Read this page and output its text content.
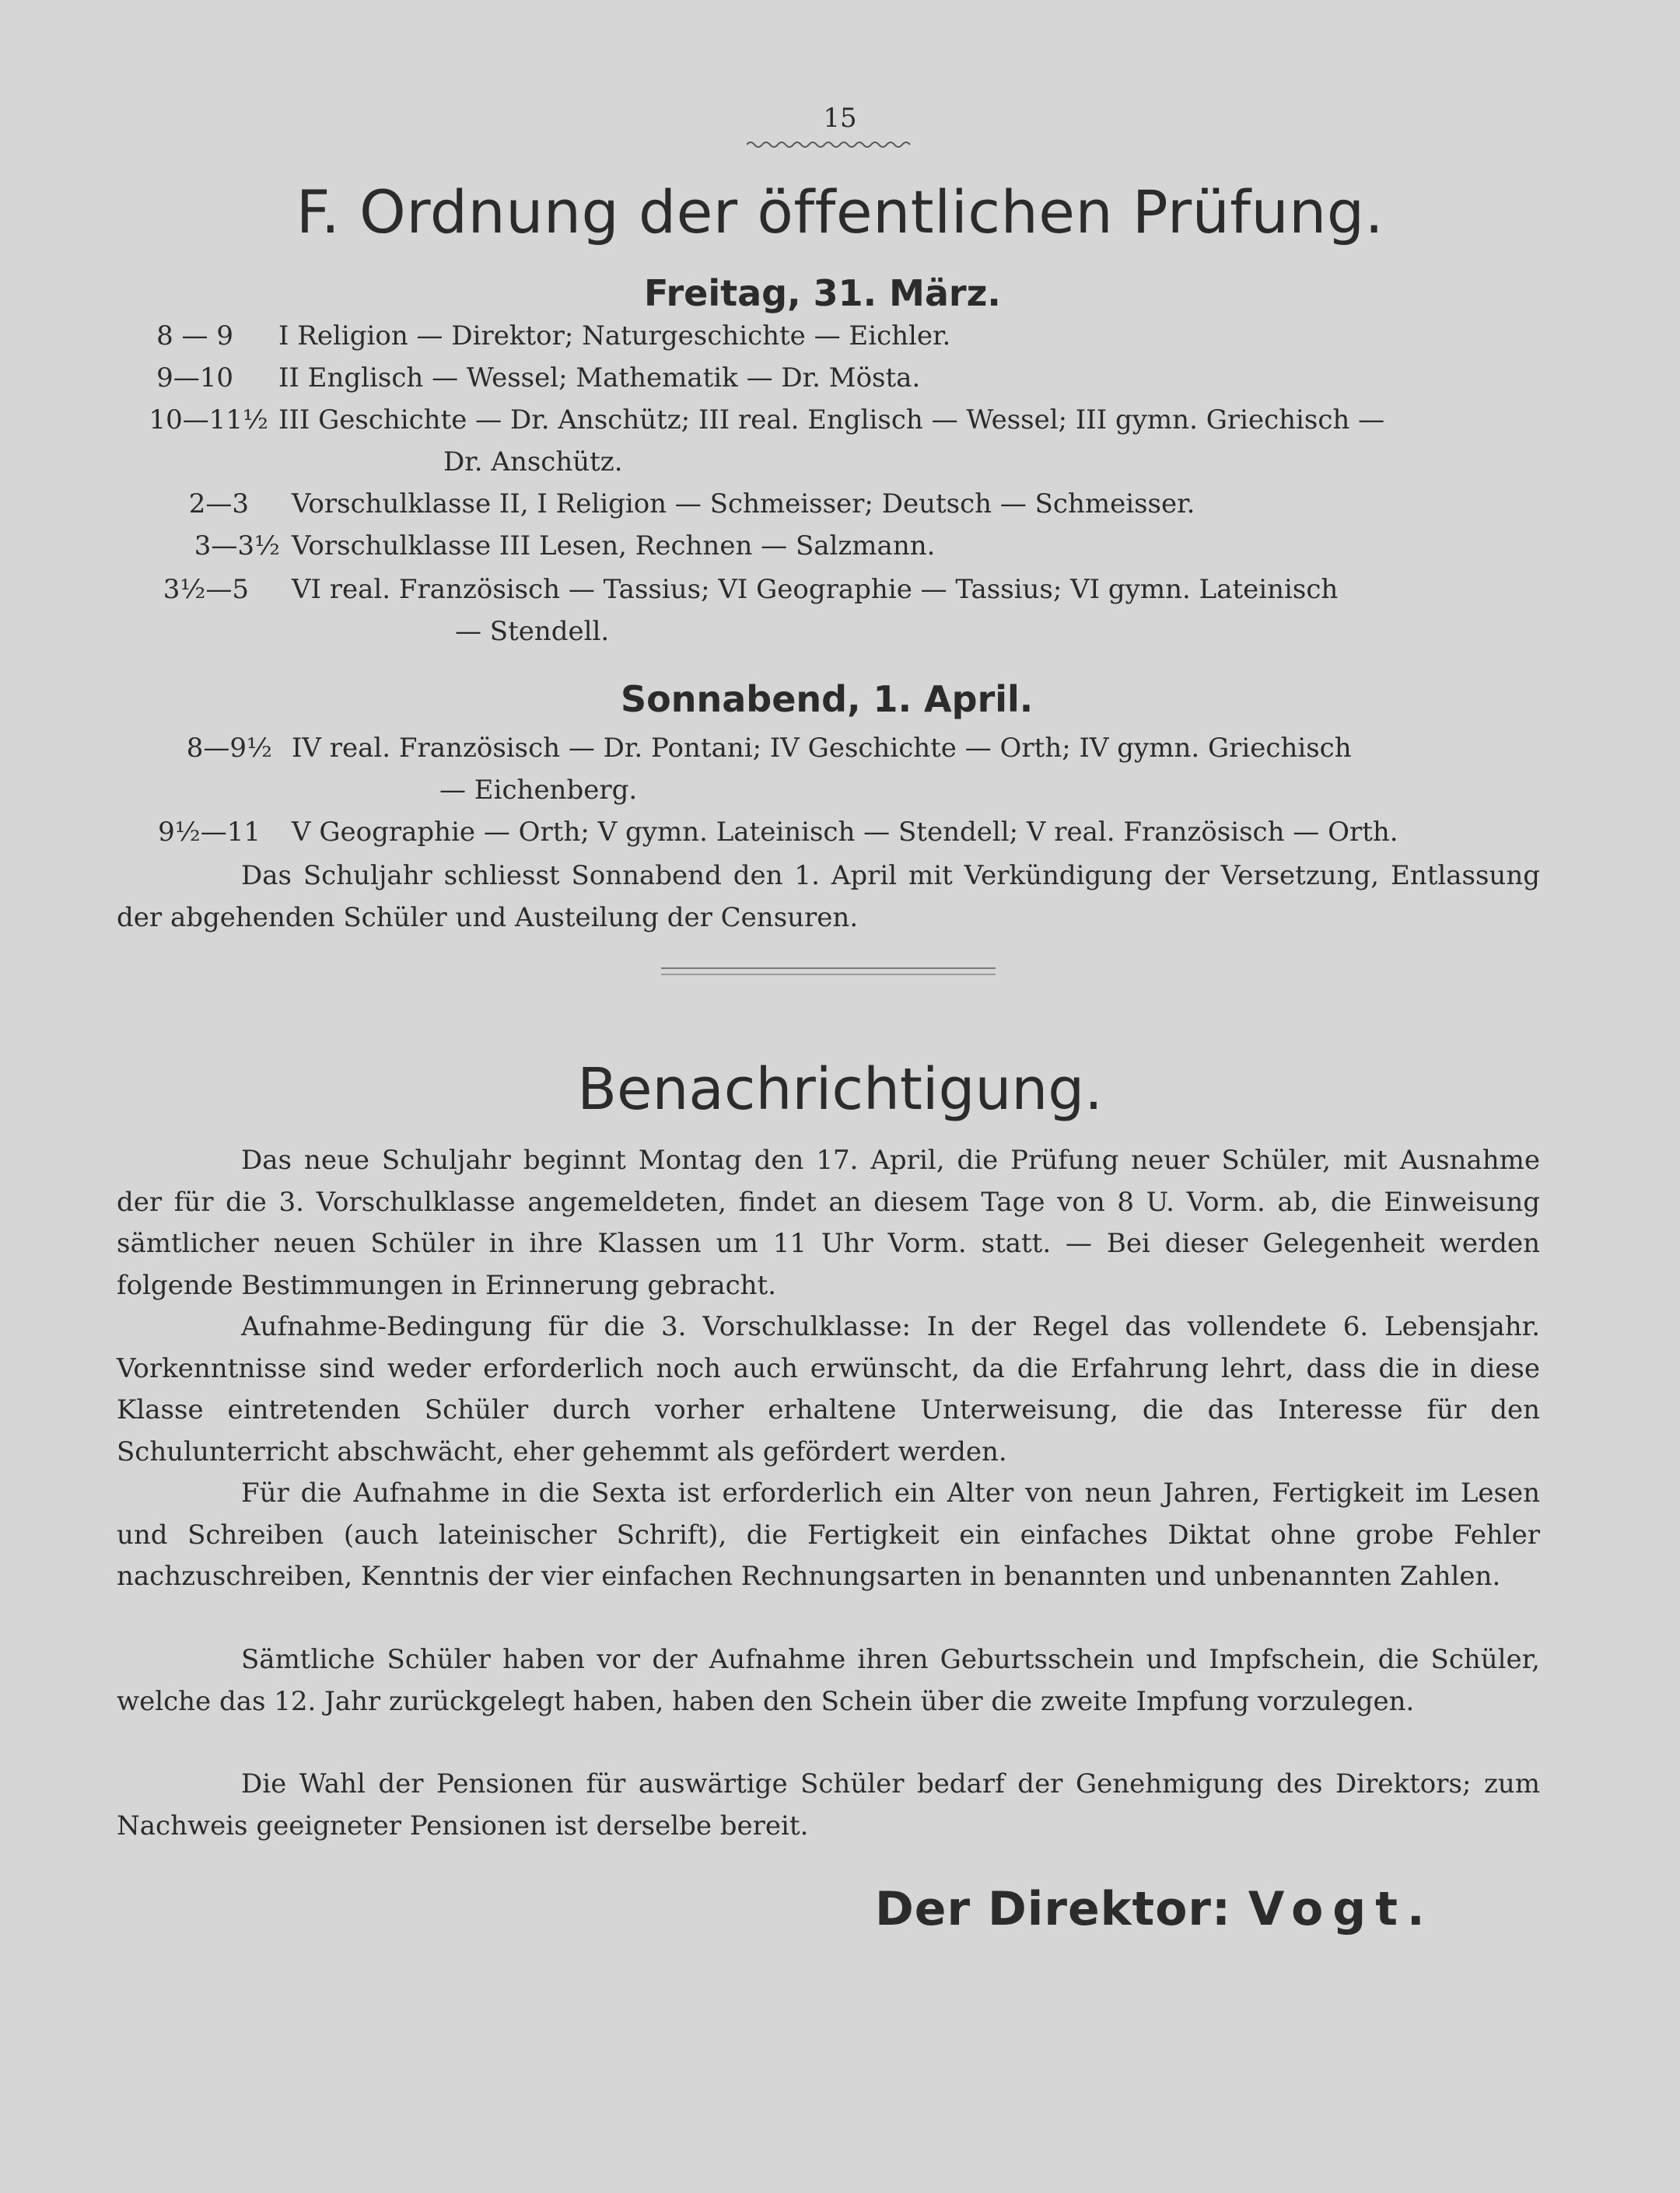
15
F. Ordnung der öffentlichen Prüfung.
Freitag, 31. März.
8 — 9 I Religion — Direktor; Naturgeschichte — Eichler.
9—10 II Englisch — Wessel; Mathematik — Dr. Mösta.
10—11½ III Geschichte — Dr. Anschütz; III real. Englisch — Wessel; III gymn. Griechisch —
Dr. Anschütz.
2—3 Vorschulklasse II, I Religion — Schmeisser; Deutsch — Schmeisser.
3—3½ Vorschulklasse III Lesen, Rechnen — Salzmann.
3½—5 VI real. Französisch — Tassius; VI Geographie — Tassius; VI gymn. Lateinisch
— Stendell.
Sonnabend, 1. April.
8—9½ IV real. Französisch — Dr. Pontani; IV Geschichte — Orth; IV gymn. Griechisch
— Eichenberg.
9½—11 V Geographie — Orth; V gymn. Lateinisch — Stendell; V real. Französisch — Orth.
Das Schuljahr schliesst Sonnabend den 1. April mit Verkündigung der Versetzung, Entlassung der abgehenden Schüler und Austeilung der Censuren.
Benachrichtigung.
Das neue Schuljahr beginnt Montag den 17. April, die Prüfung neuer Schüler, mit Ausnahme der für die 3. Vorschulklasse angemeldeten, findet an diesem Tage von 8 U. Vorm. ab, die Einweisung sämtlicher neuen Schüler in ihre Klassen um 11 Uhr Vorm. statt. — Bei dieser Gelegenheit werden folgende Bestimmungen in Erinnerung gebracht.
Aufnahme-Bedingung für die 3. Vorschulklasse: In der Regel das vollendete 6. Lebensjahr. Vorkenntnisse sind weder erforderlich noch auch erwünscht, da die Erfahrung lehrt, dass die in diese Klasse eintretenden Schüler durch vorher erhaltene Unterweisung, die das Interesse für den Schulunterricht abschwächt, eher gehemmt als gefördert werden.
Für die Aufnahme in die Sexta ist erforderlich ein Alter von neun Jahren, Fertigkeit im Lesen und Schreiben (auch lateinischer Schrift), die Fertigkeit ein einfaches Diktat ohne grobe Fehler nachzuschreiben, Kenntnis der vier einfachen Rechnungsarten in benannten und unbenannten Zahlen.
Sämtliche Schüler haben vor der Aufnahme ihren Geburtsschein und Impfschein, die Schüler, welche das 12. Jahr zurückgelegt haben, haben den Schein über die zweite Impfung vorzulegen.
Die Wahl der Pensionen für auswärtige Schüler bedarf der Genehmigung des Direktors; zum Nachweis geeigneter Pensionen ist derselbe bereit.
Der Direktor: Vogt.
